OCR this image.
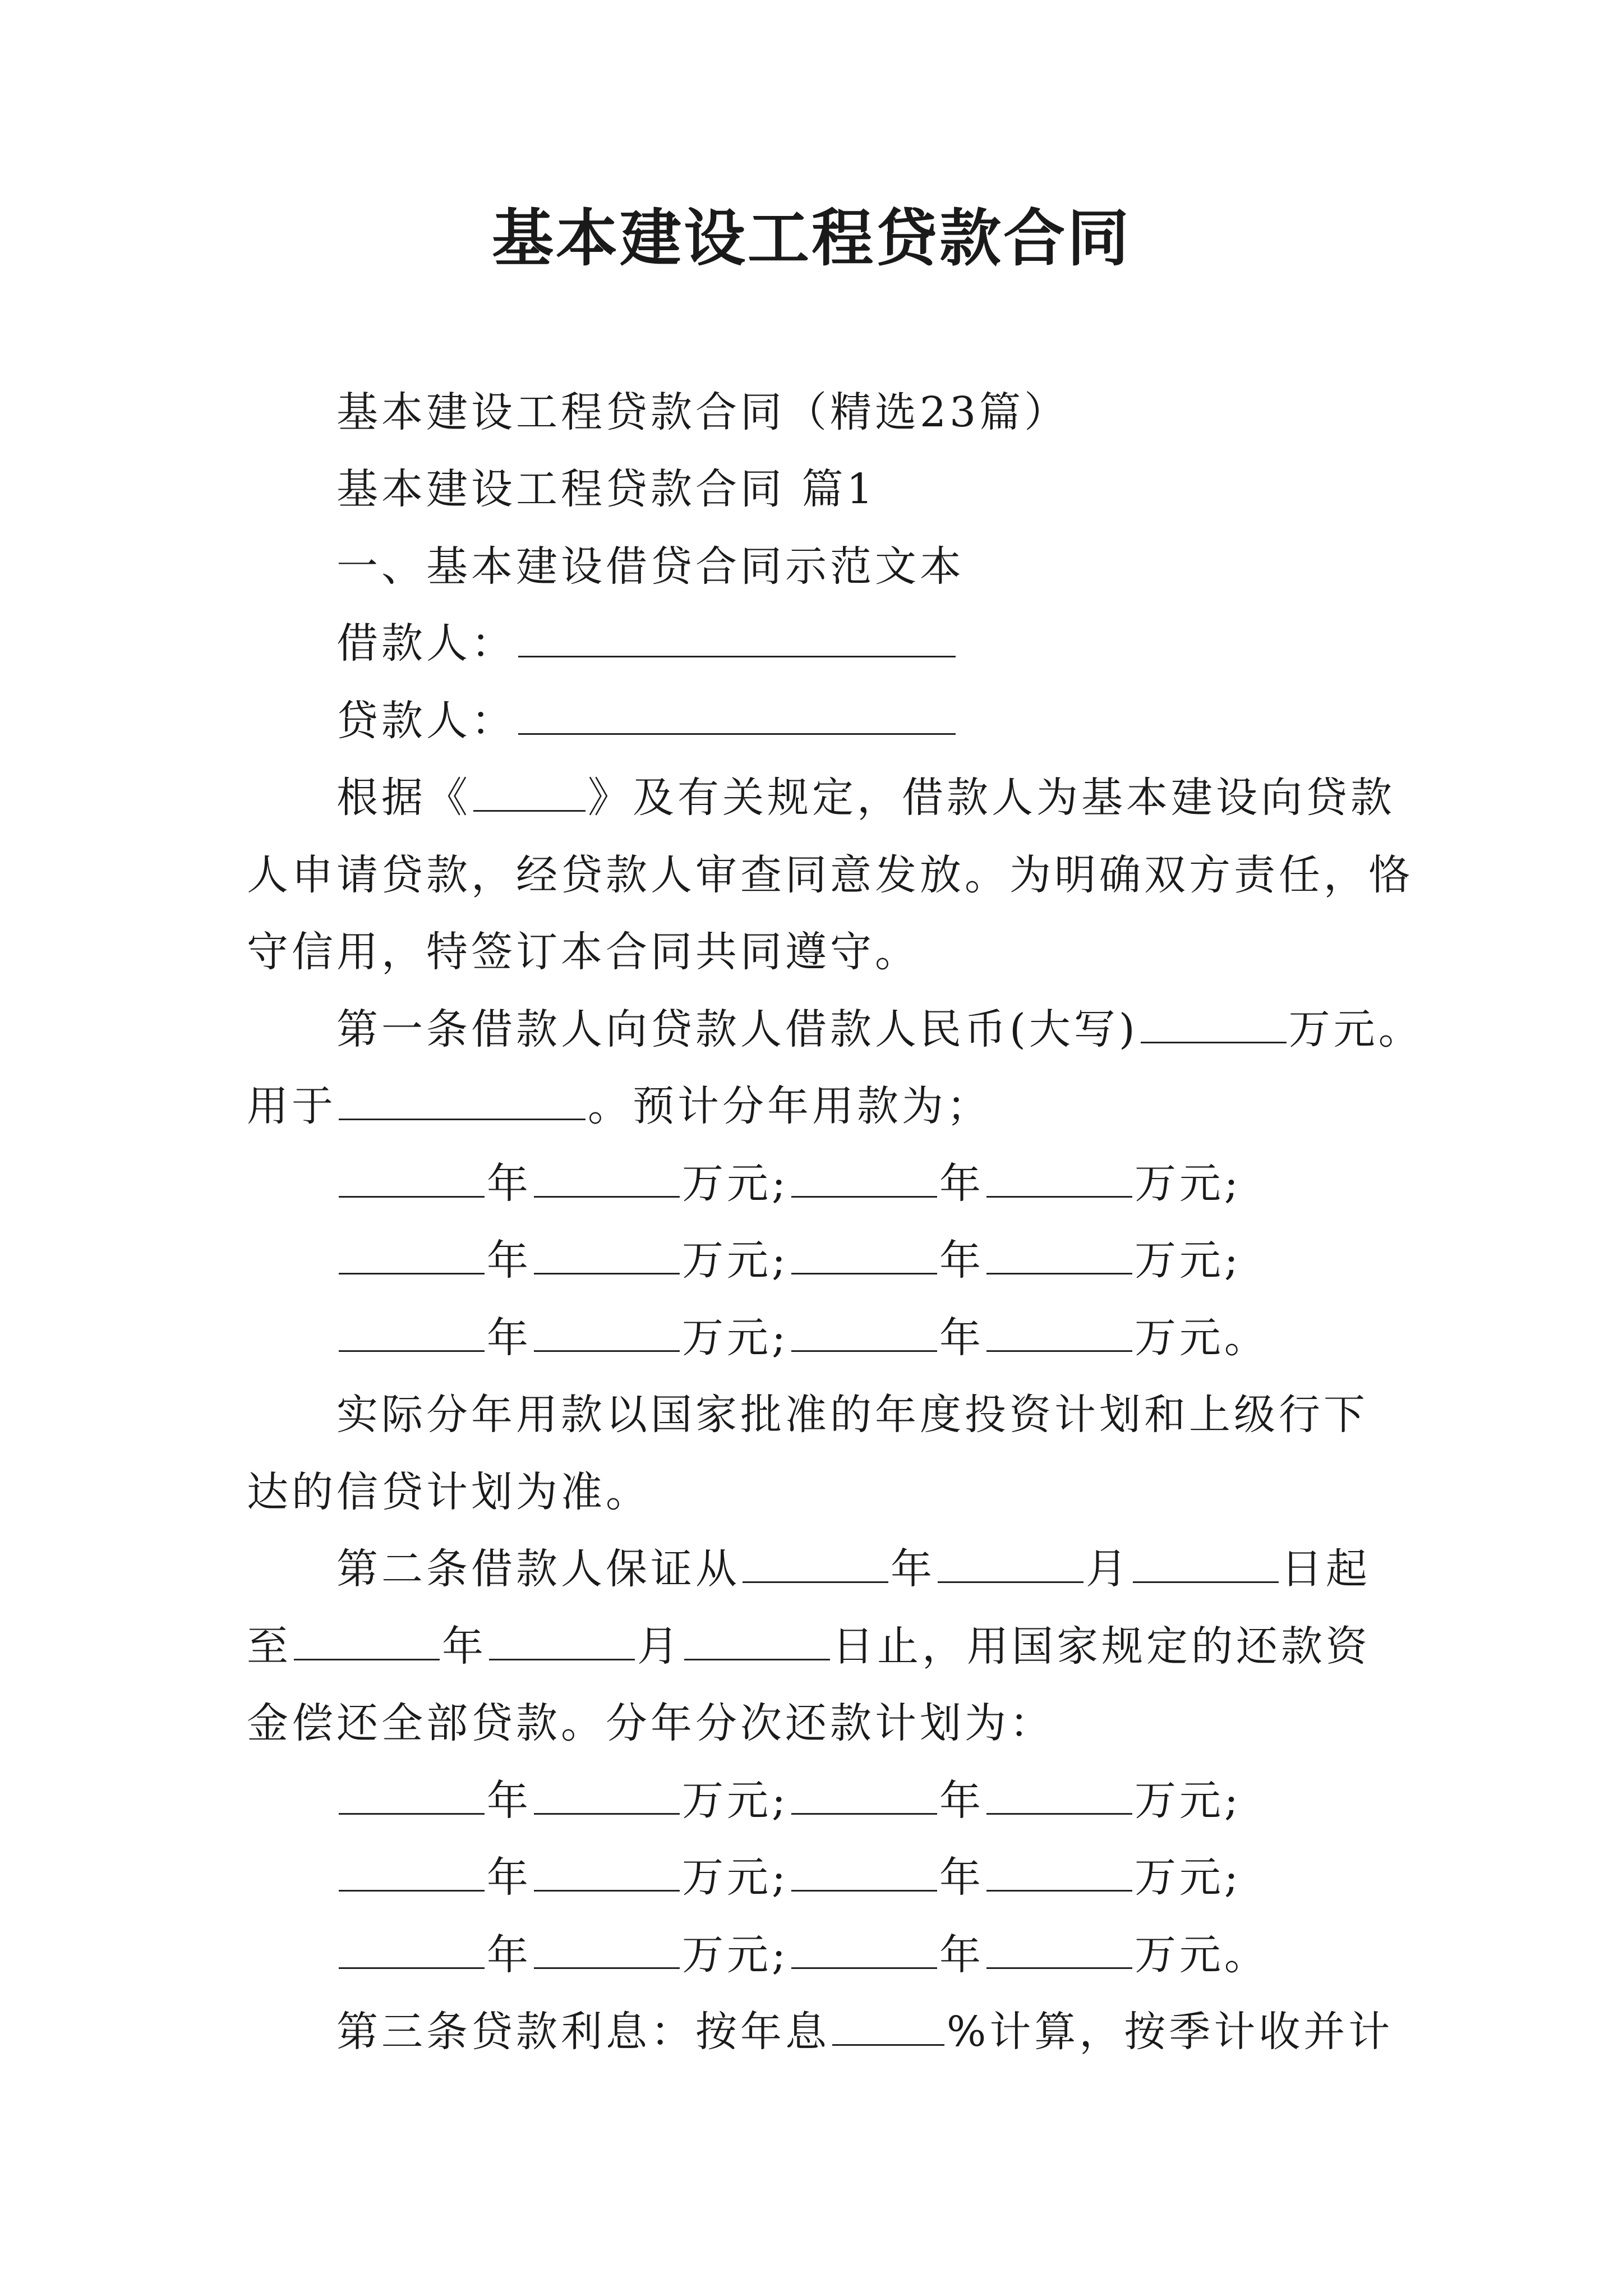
基本建设工程贷款合同
基本建设工程贷款合同（精选23篇）
基本建设工程贷款合同 篇1
一、基本建设借贷合同示范文本
借款人：
贷款人：
根据《	》及有关规定，借款人为基本建设向贷款
人申请贷款，经贷款人审查同意发放。为明确双方责任，恪
守信用，特签订本合同共同遵守。
第一条借款人向贷款人借款人民币(大写)	万元。
用于	。预计分年用款为；
年	万元;	年	万元;
年	万元;	年	万元;
年	万元;	年	万元。
实际分年用款以国家批准的年度投资计划和上级行下
达的信贷计划为准。
第二条借款人保证从	年	月	日起
至	年	月	日止，用国家规定的还款资
金偿还全部贷款。分年分次还款计划为：
年	万元;	年	万元;
年	万元;	年	万元;
年	万元;	年	万元。
第三条贷款利息：按年息	%计算，按季计收并计
